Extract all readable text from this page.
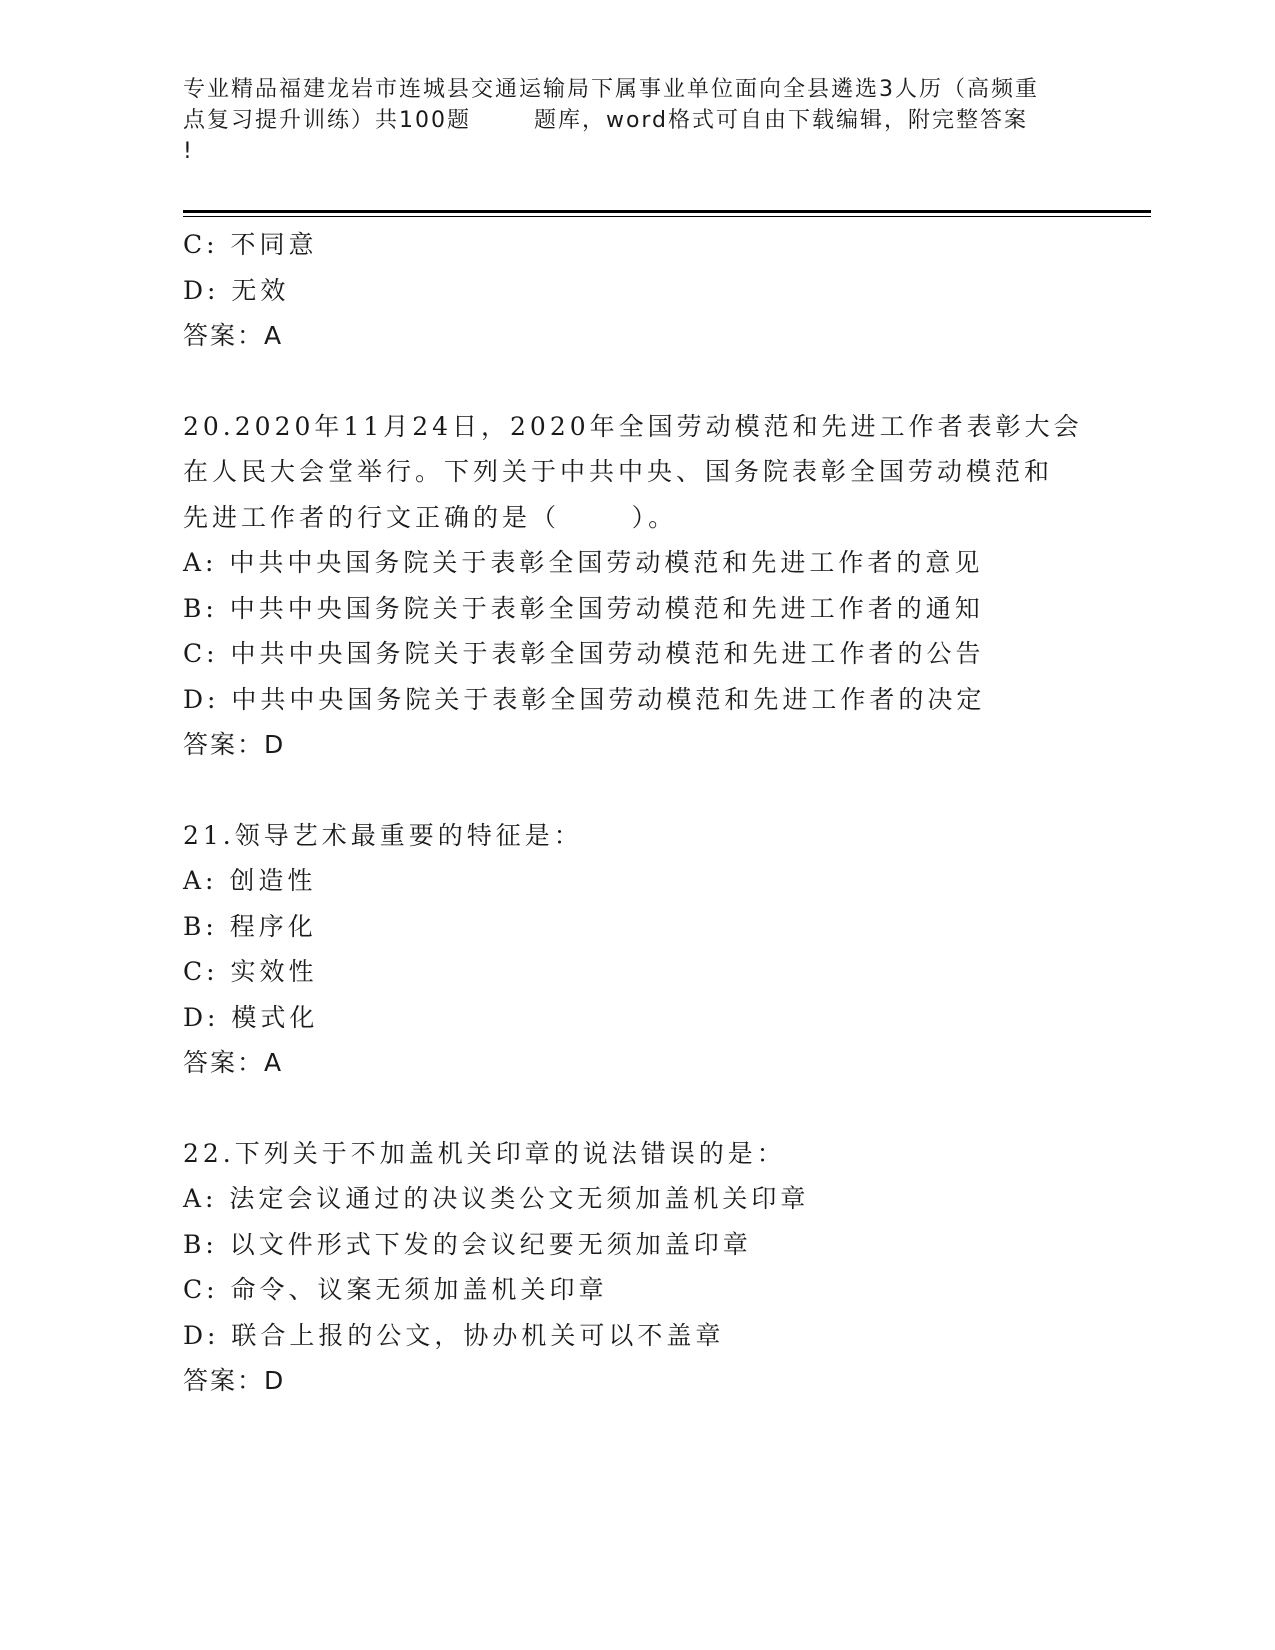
专业精品福建龙岩市连城县交通运输局下属事业单位面向全县遴选3人历（高频重
点复习提升训练）共100题       题库，word格式可自由下载编辑，附完整答案
!
C: 不同意
D: 无效
答案：A
20.2020年11月24日，2020年全国劳动模范和先进工作者表彰大会
在人民大会堂举行。下列关于中共中央、国务院表彰全国劳动模范和
先进工作者的行文正确的是（      ）。
A: 中共中央国务院关于表彰全国劳动模范和先进工作者的意见
B: 中共中央国务院关于表彰全国劳动模范和先进工作者的通知
C: 中共中央国务院关于表彰全国劳动模范和先进工作者的公告
D: 中共中央国务院关于表彰全国劳动模范和先进工作者的决定
答案：D
21.领导艺术最重要的特征是：
A: 创造性
B: 程序化
C: 实效性
D: 模式化
答案：A
22.下列关于不加盖机关印章的说法错误的是：
A: 法定会议通过的决议类公文无须加盖机关印章
B: 以文件形式下发的会议纪要无须加盖印章
C: 命令、议案无须加盖机关印章
D: 联合上报的公文，协办机关可以不盖章
答案：D
